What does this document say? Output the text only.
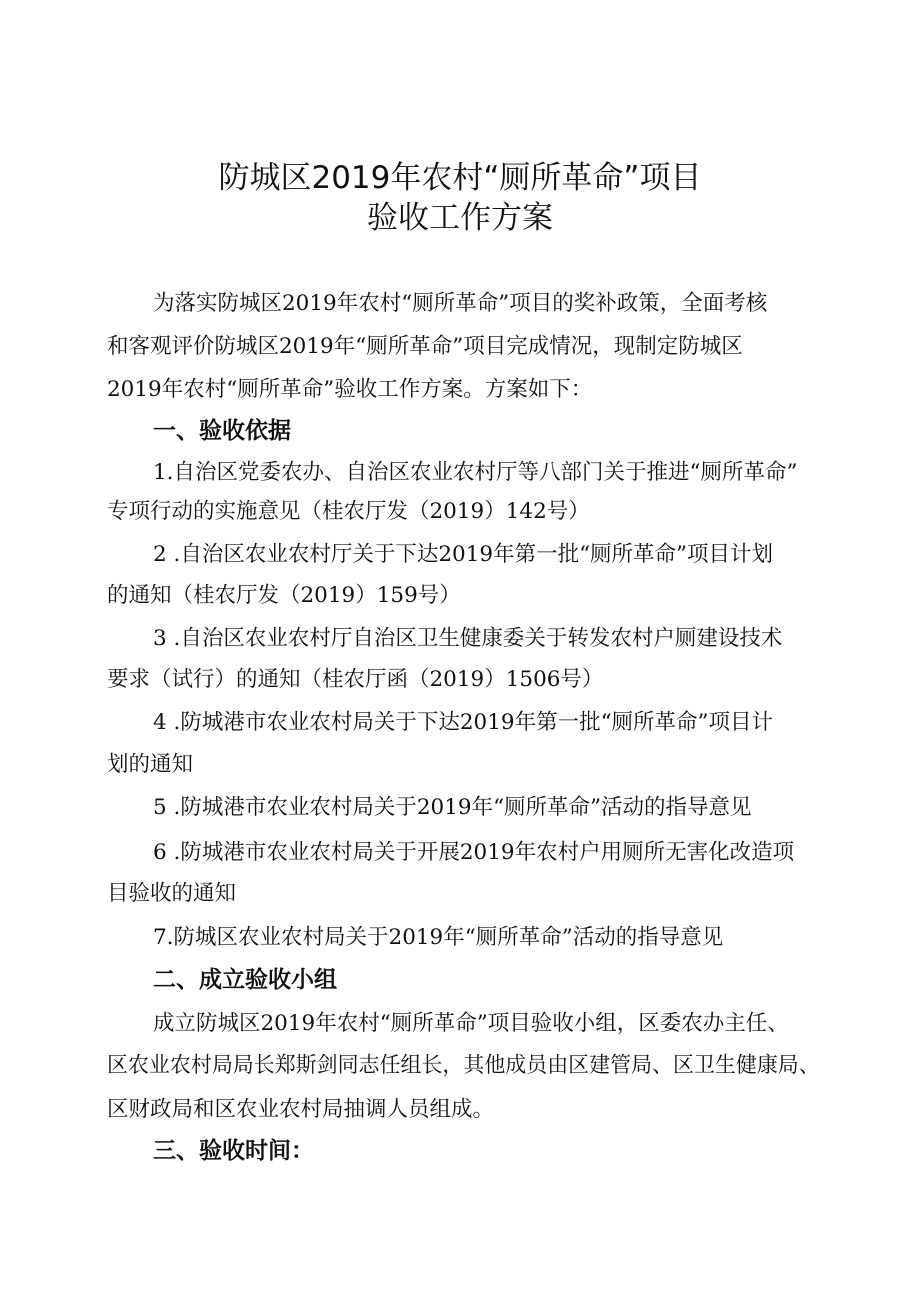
防城区2019年农村“厕所革命”项目
验收工作方案
为落实防城区2019年农村“厕所革命”项目的奖补政策，全面考核
和客观评价防城区2019年“厕所革命”项目完成情况，现制定防城区
2019年农村“厕所革命”验收工作方案。方案如下：
一、验收依据
1.自治区党委农办、自治区农业农村厅等八部门关于推进“厕所革命”
专项行动的实施意见（桂农厅发（2019）142号）
2 .自治区农业农村厅关于下达2019年第一批“厕所革命”项目计划
的通知（桂农厅发（2019）159号）
3 .自治区农业农村厅自治区卫生健康委关于转发农村户厕建设技术
要求（试行）的通知（桂农厅函（2019）1506号）
4 .防城港市农业农村局关于下达2019年第一批“厕所革命”项目计
划的通知
5 .防城港市农业农村局关于2019年“厕所革命”活动的指导意见
6 .防城港市农业农村局关于开展2019年农村户用厕所无害化改造项
目验收的通知
7.防城区农业农村局关于2019年“厕所革命”活动的指导意见
二、成立验收小组
成立防城区2019年农村“厕所革命”项目验收小组，区委农办主任、
区农业农村局局长郑斯剑同志任组长，其他成员由区建管局、区卫生健康局、
区财政局和区农业农村局抽调人员组成。
三、验收时间：
